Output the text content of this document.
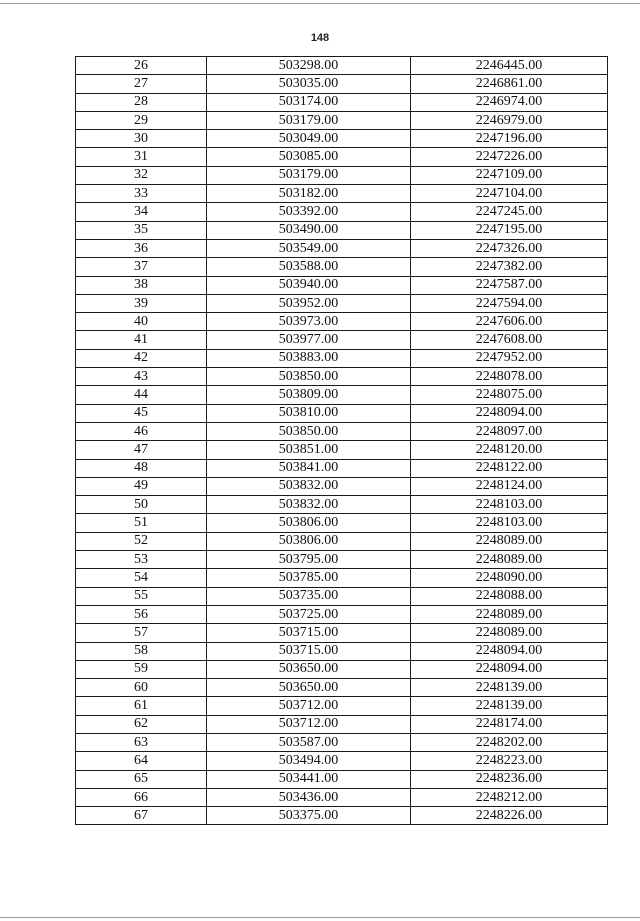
148
26	503298.00	2246445.00
27	503035.00	2246861.00
28	503174.00	2246974.00
29	503179.00	2246979.00
30	503049.00	2247196.00
31	503085.00	2247226.00
32	503179.00	2247109.00
33	503182.00	2247104.00
34	503392.00	2247245.00
35	503490.00	2247195.00
36	503549.00	2247326.00
37	503588.00	2247382.00
38	503940.00	2247587.00
39	503952.00	2247594.00
40	503973.00	2247606.00
41	503977.00	2247608.00
42	503883.00	2247952.00
43	503850.00	2248078.00
44	503809.00	2248075.00
45	503810.00	2248094.00
46	503850.00	2248097.00
47	503851.00	2248120.00
48	503841.00	2248122.00
49	503832.00	2248124.00
50	503832.00	2248103.00
51	503806.00	2248103.00
52	503806.00	2248089.00
53	503795.00	2248089.00
54	503785.00	2248090.00
55	503735.00	2248088.00
56	503725.00	2248089.00
57	503715.00	2248089.00
58	503715.00	2248094.00
59	503650.00	2248094.00
60	503650.00	2248139.00
61	503712.00	2248139.00
62	503712.00	2248174.00
63	503587.00	2248202.00
64	503494.00	2248223.00
65	503441.00	2248236.00
66	503436.00	2248212.00
67	503375.00	2248226.00
